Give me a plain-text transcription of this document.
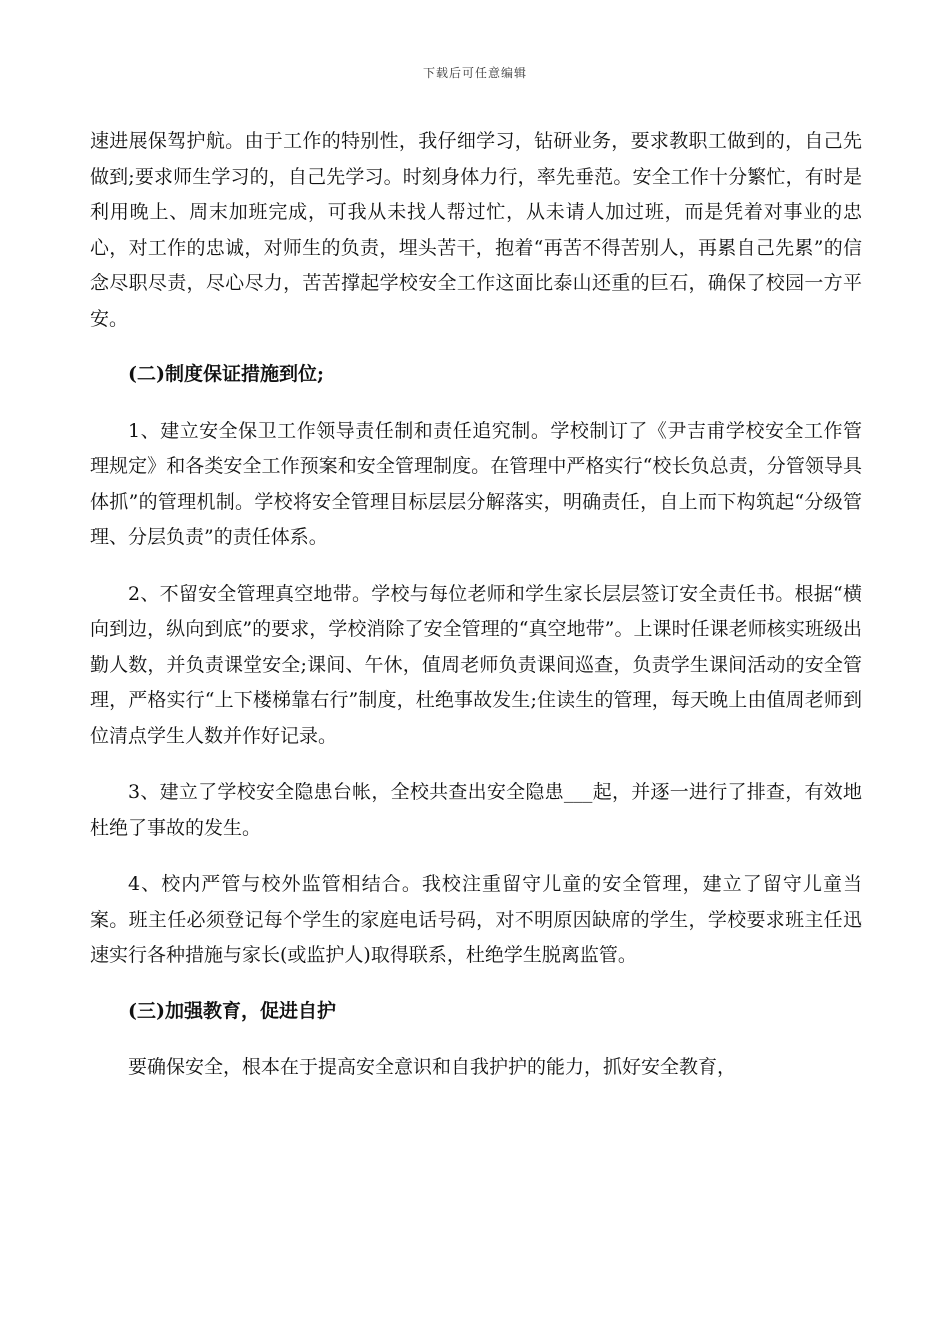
下载后可任意编辑

速进展保驾护航。由于工作的特别性，我仔细学习，钻研业务，要求教职工做到的，自己先做到;要求师生学习的，自己先学习。时刻身体力行，率先垂范。安全工作十分繁忙，有时是利用晚上、周末加班完成，可我从未找人帮过忙，从未请人加过班，而是凭着对事业的忠心，对工作的忠诚，对师生的负责，埋头苦干，抱着“再苦不得苦别人，再累自己先累”的信念尽职尽责，尽心尽力，苦苦撑起学校安全工作这面比泰山还重的巨石，确保了校园一方平安。

(二)制度保证措施到位;

1、建立安全保卫工作领导责任制和责任追究制。学校制订了《尹吉甫学校安全工作管理规定》和各类安全工作预案和安全管理制度。在管理中严格实行“校长负总责，分管领导具体抓”的管理机制。学校将安全管理目标层层分解落实，明确责任，自上而下构筑起“分级管理、分层负责”的责任体系。

2、不留安全管理真空地带。学校与每位老师和学生家长层层签订安全责任书。根据“横向到边，纵向到底”的要求，学校消除了安全管理的“真空地带”。上课时任课老师核实班级出勤人数，并负责课堂安全;课间、午休，值周老师负责课间巡查，负责学生课间活动的安全管理，严格实行“上下楼梯靠右行”制度，杜绝事故发生;住读生的管理，每天晚上由值周老师到位清点学生人数并作好记录。

3、建立了学校安全隐患台帐，全校共查出安全隐患___起，并逐一进行了排查，有效地杜绝了事故的发生。

4、校内严管与校外监管相结合。我校注重留守儿童的安全管理，建立了留守儿童当案。班主任必须登记每个学生的家庭电话号码，对不明原因缺席的学生，学校要求班主任迅速实行各种措施与家长(或监护人)取得联系，杜绝学生脱离监管。

(三)加强教育，促进自护

要确保安全，根本在于提高安全意识和自我护护的能力，抓好安全教育，
